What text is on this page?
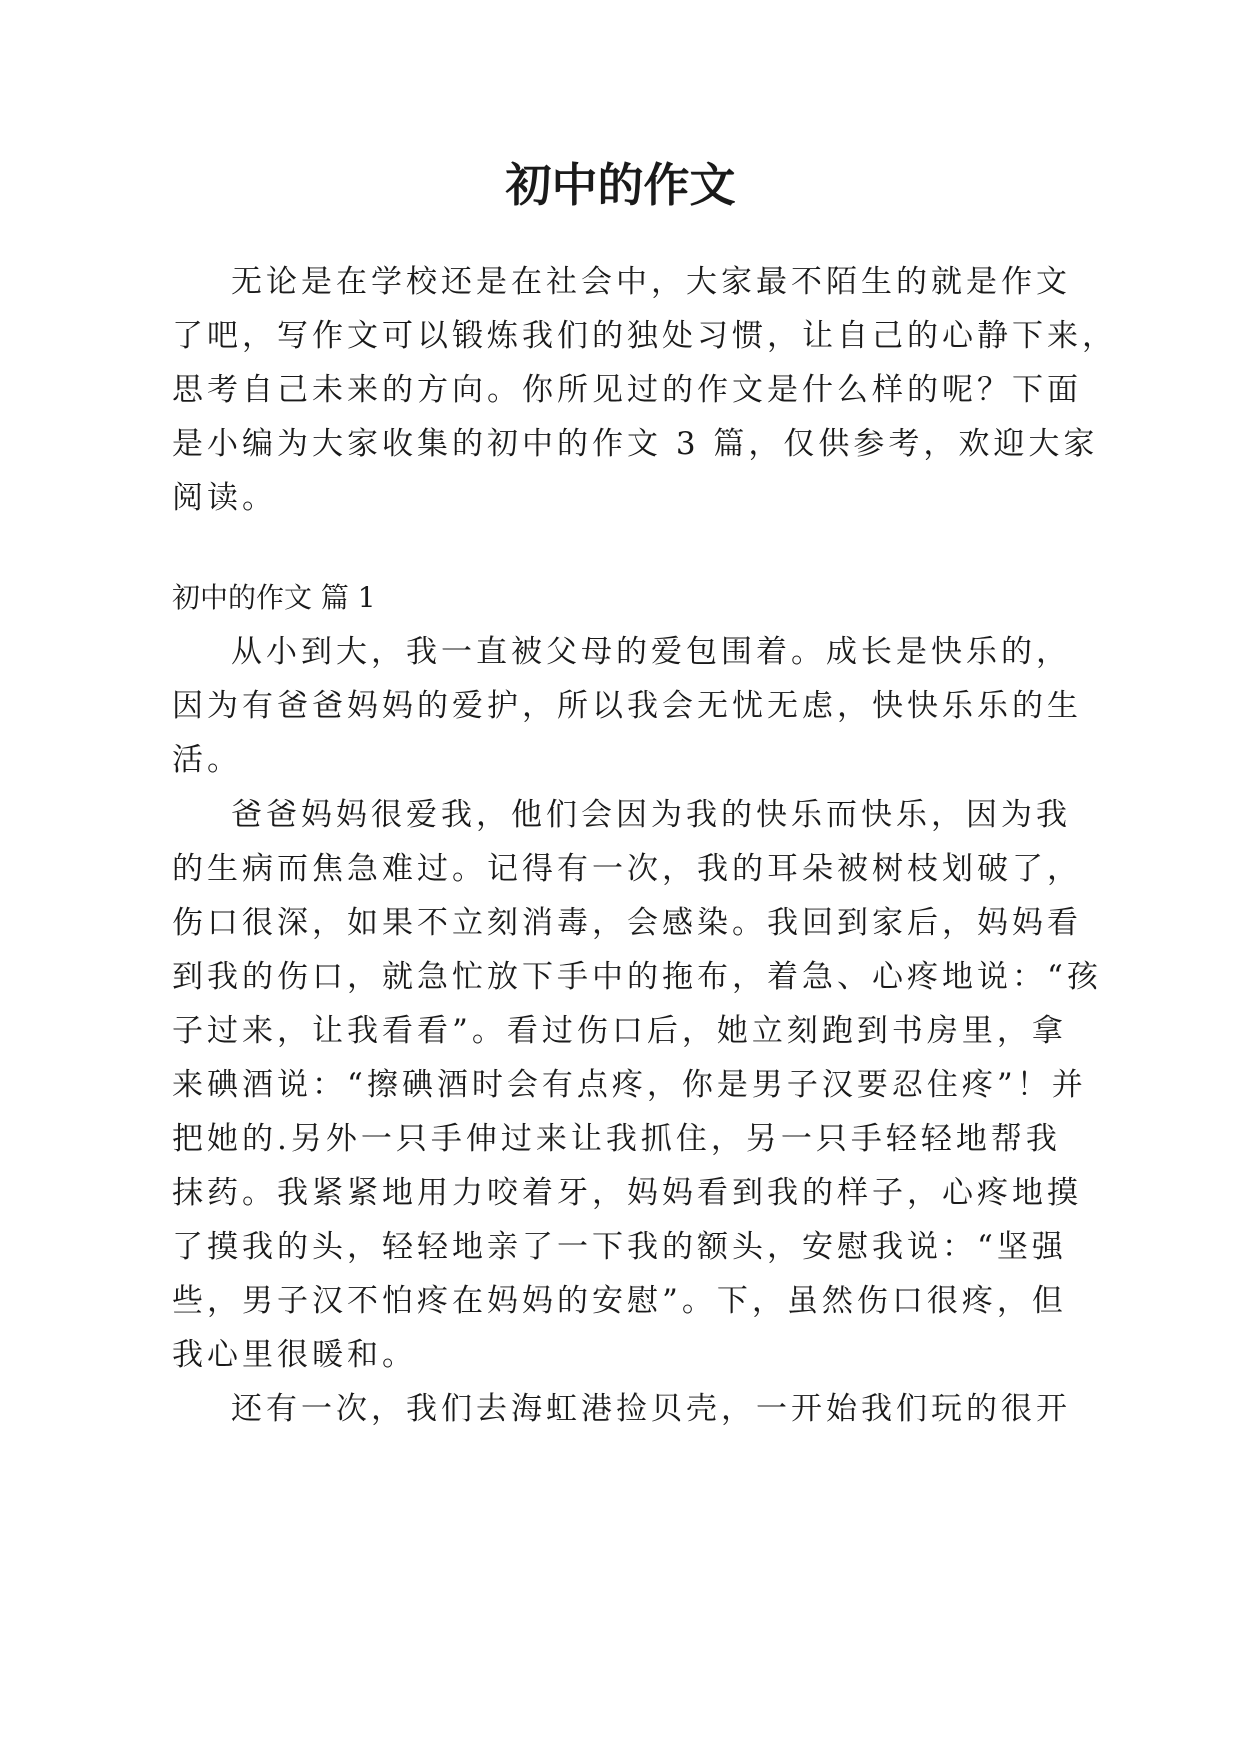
初中的作文
无论是在学校还是在社会中，大家最不陌生的就是作文
了吧，写作文可以锻炼我们的独处习惯，让自己的心静下来，
思考自己未来的方向。你所见过的作文是什么样的呢？下面
是小编为大家收集的初中的作文 3 篇，仅供参考，欢迎大家
阅读。
初中的作文 篇 1
从小到大，我一直被父母的爱包围着。成长是快乐的，
因为有爸爸妈妈的爱护，所以我会无忧无虑，快快乐乐的生
活。
爸爸妈妈很爱我，他们会因为我的快乐而快乐，因为我
的生病而焦急难过。记得有一次，我的耳朵被树枝划破了，
伤口很深，如果不立刻消毒，会感染。我回到家后，妈妈看
到我的伤口，就急忙放下手中的拖布，着急、心疼地说：“孩
子过来，让我看看”。看过伤口后，她立刻跑到书房里，拿
来碘酒说：“擦碘酒时会有点疼，你是男子汉要忍住疼”！并
把她的.另外一只手伸过来让我抓住，另一只手轻轻地帮我
抹药。我紧紧地用力咬着牙，妈妈看到我的样子，心疼地摸
了摸我的头，轻轻地亲了一下我的额头，安慰我说：“坚强
些，男子汉不怕疼在妈妈的安慰”。下，虽然伤口很疼，但
我心里很暖和。
还有一次，我们去海虹港捡贝壳，一开始我们玩的很开
